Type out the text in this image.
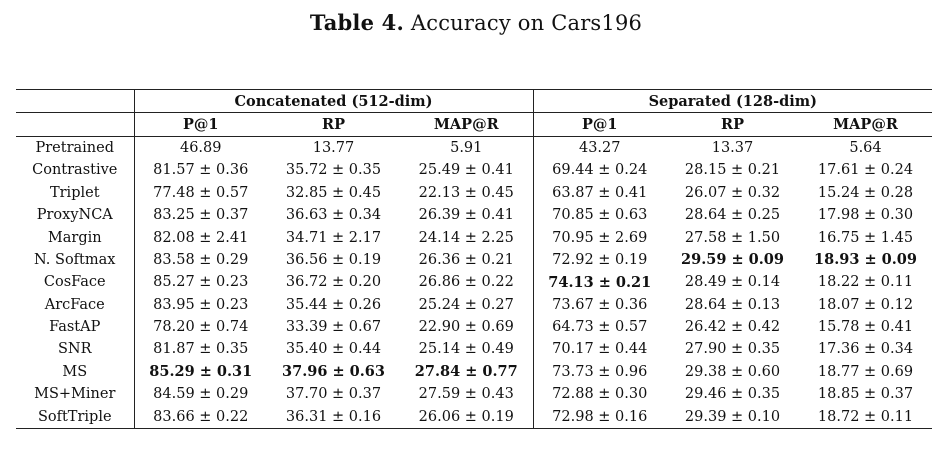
Table 4. Accuracy on Cars196
	Concatenated (512-dim)			Separated (128-dim)		
	P@1	RP	MAP@R	P@1	RP	MAP@R
Pretrained	46.89	13.77	5.91	43.27	13.37	5.64
Contrastive	81.57 ± 0.36	35.72 ± 0.35	25.49 ± 0.41	69.44 ± 0.24	28.15 ± 0.21	17.61 ± 0.24
Triplet	77.48 ± 0.57	32.85 ± 0.45	22.13 ± 0.45	63.87 ± 0.41	26.07 ± 0.32	15.24 ± 0.28
ProxyNCA	83.25 ± 0.37	36.63 ± 0.34	26.39 ± 0.41	70.85 ± 0.63	28.64 ± 0.25	17.98 ± 0.30
Margin	82.08 ± 2.41	34.71 ± 2.17	24.14 ± 2.25	70.95 ± 2.69	27.58 ± 1.50	16.75 ± 1.45
N. Softmax	83.58 ± 0.29	36.56 ± 0.19	26.36 ± 0.21	72.92 ± 0.19	29.59 ± 0.09	18.93 ± 0.09
CosFace	85.27 ± 0.23	36.72 ± 0.20	26.86 ± 0.22	74.13 ± 0.21	28.49 ± 0.14	18.22 ± 0.11
ArcFace	83.95 ± 0.23	35.44 ± 0.26	25.24 ± 0.27	73.67 ± 0.36	28.64 ± 0.13	18.07 ± 0.12
FastAP	78.20 ± 0.74	33.39 ± 0.67	22.90 ± 0.69	64.73 ± 0.57	26.42 ± 0.42	15.78 ± 0.41
SNR	81.87 ± 0.35	35.40 ± 0.44	25.14 ± 0.49	70.17 ± 0.44	27.90 ± 0.35	17.36 ± 0.34
MS	85.29 ± 0.31	37.96 ± 0.63	27.84 ± 0.77	73.73 ± 0.96	29.38 ± 0.60	18.77 ± 0.69
MS+Miner	84.59 ± 0.29	37.70 ± 0.37	27.59 ± 0.43	72.88 ± 0.30	29.46 ± 0.35	18.85 ± 0.37
SoftTriple	83.66 ± 0.22	36.31 ± 0.16	26.06 ± 0.19	72.98 ± 0.16	29.39 ± 0.10	18.72 ± 0.11
